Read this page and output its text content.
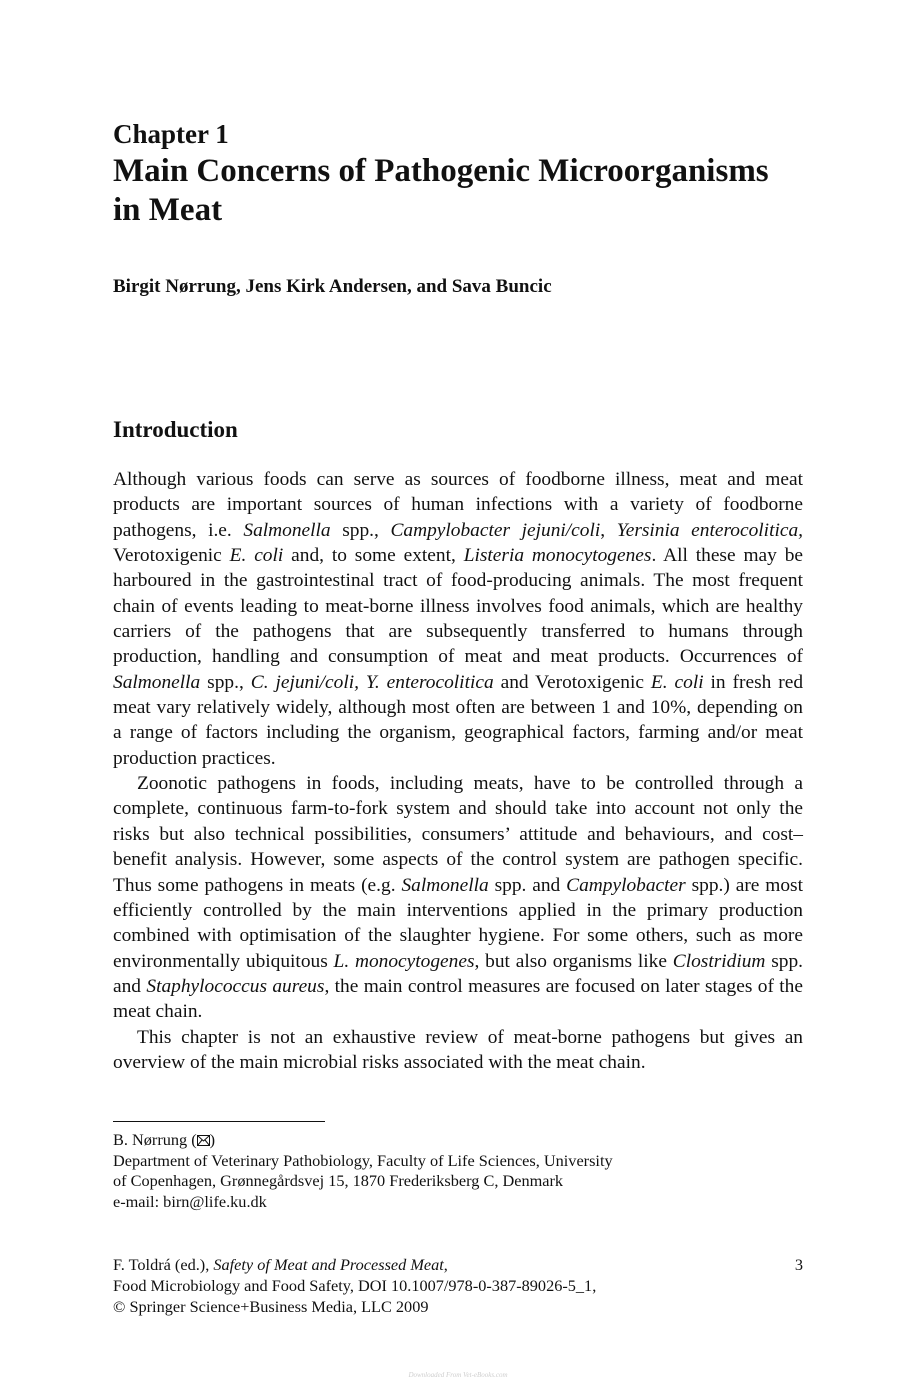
Chapter 1
Main Concerns of Pathogenic Microorganisms
in Meat
Birgit Nørrung, Jens Kirk Andersen, and Sava Buncic
Introduction

Although various foods can serve as sources of foodborne illness, meat and meat products are important sources of human infections with a variety of foodborne pathogens, i.e. Salmonella spp., Campylobacter jejuni/coli, Yersinia enterocolitica, Verotoxigenic E. coli and, to some extent, Listeria monocytogenes. All these may be harboured in the gastrointestinal tract of food-producing animals. The most frequent chain of events leading to meat-borne illness involves food animals, which are healthy carriers of the pathogens that are subsequently transferred to humans through production, handling and consumption of meat and meat products. Occurrences of Salmonella spp., C. jejuni/coli, Y. enterocolitica and Verotoxigenic E. coli in fresh red meat vary relatively widely, although most often are between 1 and 10%, depending on a range of factors including the organism, geographical factors, farming and/or meat production practices.

Zoonotic pathogens in foods, including meats, have to be controlled through a complete, continuous farm-to-fork system and should take into account not only the risks but also technical possibilities, consumers’ attitude and behaviours, and cost–benefit analysis. However, some aspects of the control system are pathogen specific. Thus some pathogens in meats (e.g. Salmonella spp. and Campylobacter spp.) are most efficiently controlled by the main interventions applied in the primary production combined with optimisation of the slaughter hygiene. For some others, such as more environmentally ubiquitous L. monocytogenes, but also organisms like Clostridium spp. and Staphylococcus aureus, the main control measures are focused on later stages of the meat chain.

This chapter is not an exhaustive review of meat-borne pathogens but gives an overview of the main microbial risks associated with the meat chain.

B. Nørrung ( )
Department of Veterinary Pathobiology, Faculty of Life Sciences, University
of Copenhagen, Grønnegårdsvej 15, 1870 Frederiksberg C, Denmark
e-mail: birn@life.ku.dk
F. Toldrá (ed.), Safety of Meat and Processed Meat,
Food Microbiology and Food Safety, DOI 10.1007/978-0-387-89026-5_1,
© Springer Science+Business Media, LLC 2009
3
Downloaded From Vet-eBooks.com
